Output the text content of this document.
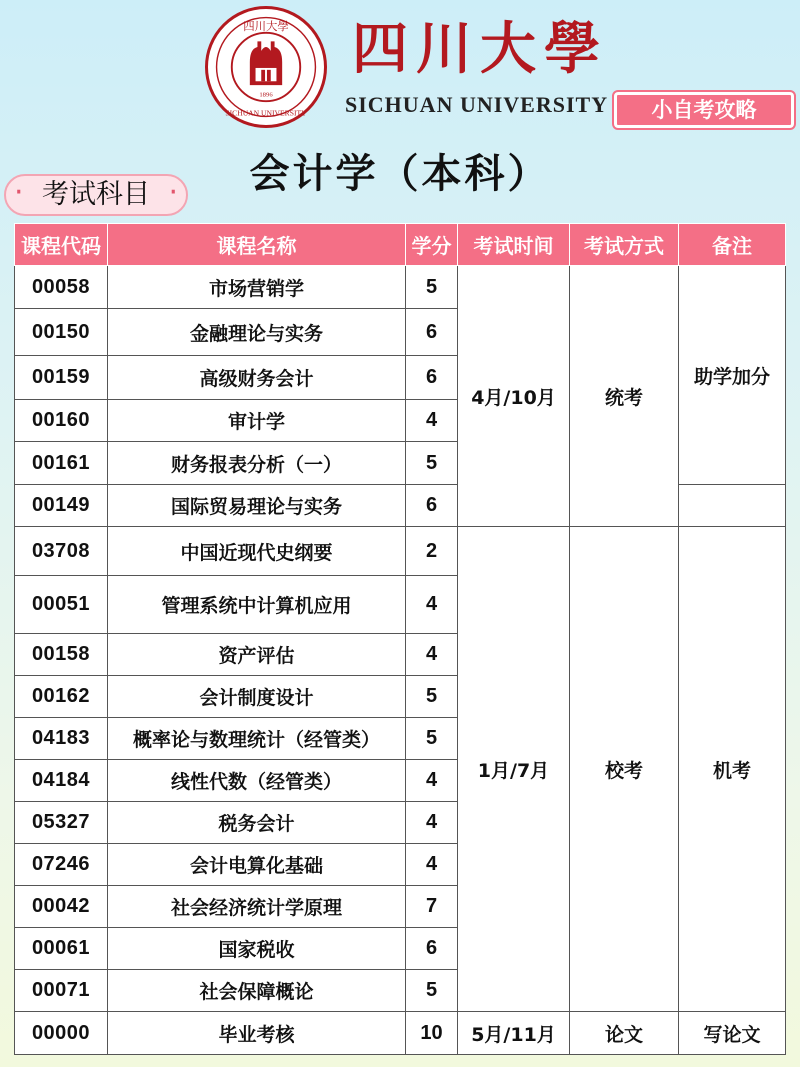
1896
四川大學
SICHUAN UNIVERSITY
四川大學
SICHUAN UNIVERSITY	小自考攻略
会计学（本科）
· 考试科目 ·
课程代码	课程名称	学分	考试时间	考试方式	备注
00058	市场营销学	5	4月/10月	统考	助学加分
00150	金融理论与实务	6			
00159	高级财务会计	6			
00160	审计学	4			
00161	财务报表分析（一）	5			
00149	国际贸易理论与实务	6			
03708	中国近现代史纲要	2	1月/7月	校考	机考
00051	管理系统中计算机应用	4			
00158	资产评估	4			
00162	会计制度设计	5			
04183	概率论与数理统计（经管类）	5			
04184	线性代数（经管类）	4			
05327	税务会计	4			
07246	会计电算化基础	4			
00042	社会经济统计学原理	7			
00061	国家税收	6			
00071	社会保障概论	5			
00000	毕业考核	10	5月/11月	论文	写论文
